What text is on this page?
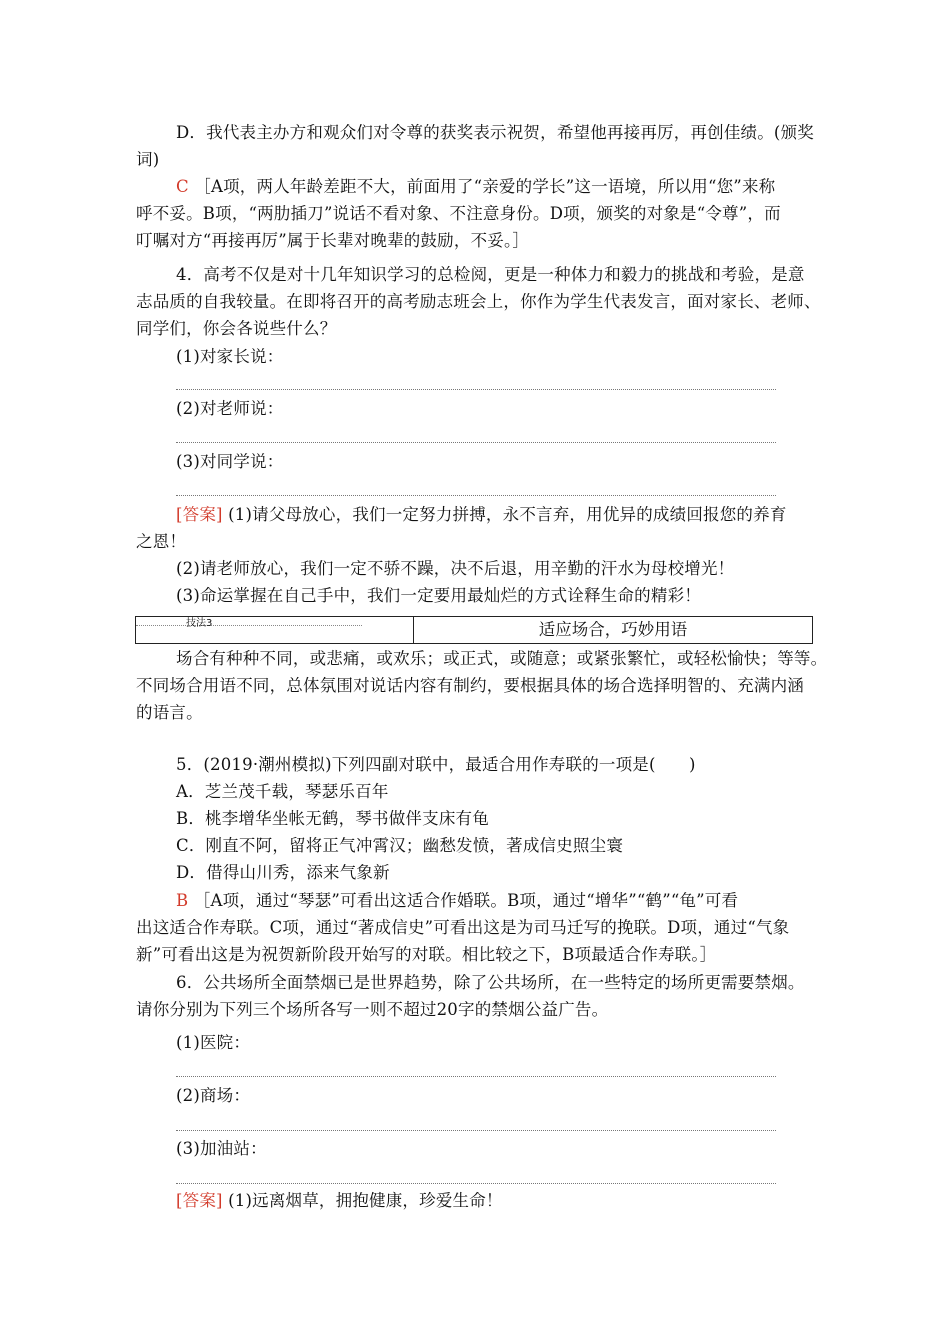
D．我代表主办方和观众们对令尊的获奖表示祝贺，希望他再接再厉，再创佳绩。(颁奖
词)
C ［A项，两人年龄差距不大，前面用了“亲爱的学长”这一语境，所以用“您”来称
呼不妥。B项，“两肋插刀”说话不看对象、不注意身份。D项，颁奖的对象是“令尊”，而
叮嘱对方“再接再厉”属于长辈对晚辈的鼓励，不妥。］
4．高考不仅是对十几年知识学习的总检阅，更是一种体力和毅力的挑战和考验，是意
志品质的自我较量。在即将召开的高考励志班会上，你作为学生代表发言，面对家长、老师、
同学们，你会各说些什么？
(1)对家长说：
(2)对老师说：
(3)对同学说：
[答案] (1)请父母放心，我们一定努力拼搏，永不言弃，用优异的成绩回报您的养育
之恩！
(2)请老师放心，我们一定不骄不躁，决不后退，用辛勤的汗水为母校增光！
(3)命运掌握在自己手中，我们一定要用最灿烂的方式诠释生命的精彩！
技法3	适应场合，巧妙用语
场合有种种不同，或悲痛，或欢乐；或正式，或随意；或紧张繁忙，或轻松愉快；等等。
不同场合用语不同，总体氛围对说话内容有制约，要根据具体的场合选择明智的、充满内涵
的语言。
5．(2019·潮州模拟)下列四副对联中，最适合用作寿联的一项是(　　)
A．芝兰茂千载，琴瑟乐百年
B．桃李增华坐帐无鹤，琴书做伴支床有龟
C．刚直不阿，留将正气冲霄汉；幽愁发愤，著成信史照尘寰
D．借得山川秀，添来气象新
B ［A项，通过“琴瑟”可看出这适合作婚联。B项，通过“增华”“鹤”“龟”可看
出这适合作寿联。C项，通过“著成信史”可看出这是为司马迁写的挽联。D项，通过“气象
新”可看出这是为祝贺新阶段开始写的对联。相比较之下，B项最适合作寿联。］
6．公共场所全面禁烟已是世界趋势，除了公共场所，在一些特定的场所更需要禁烟。
请你分别为下列三个场所各写一则不超过20字的禁烟公益广告。
(1)医院：
(2)商场：
(3)加油站：
[答案] (1)远离烟草，拥抱健康，珍爱生命！
